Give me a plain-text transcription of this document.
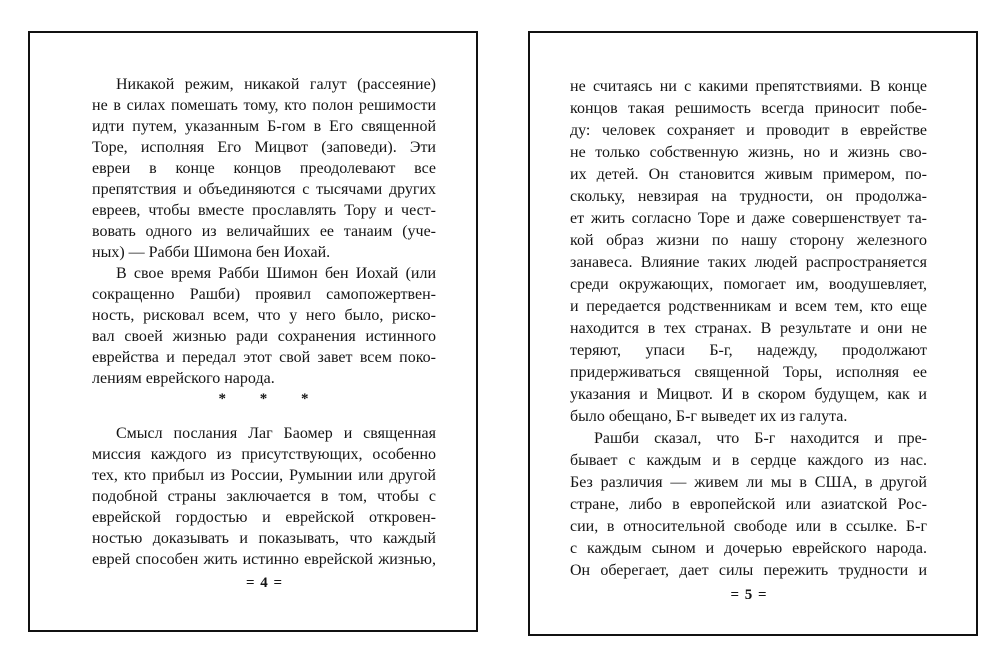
Никакой режим, никакой галут (рассеяние)
не в силах помешать тому, кто полон решимости
идти путем, указанным Б-гом в Его священной
Торе, исполняя Его Мицвот (заповеди). Эти
евреи в конце концов преодолевают все
препятствия и объединяются с тысячами других
евреев, чтобы вместе прославлять Тору и чест-
вовать одного из величайших ее танаим (уче-
ных) — Рабби Шимона бен Иохай.
В свое время Рабби Шимон бен Иохай (или
сокращенно Рашби) проявил самопожертвен-
ность, рисковал всем, что у него было, риско-
вал своей жизнью ради сохранения истинного
еврейства и передал этот свой завет всем поко-
лениям еврейского народа.
* * *
Смысл послания Лаг Баомер и священная
миссия каждого из присутствующих, особенно
тех, кто прибыл из России, Румынии или другой
подобной страны заключается в том, чтобы с
еврейской гордостью и еврейской откровен-
ностью доказывать и показывать, что каждый
еврей способен жить истинно еврейской жизнью,
= 4 =
не считаясь ни с какими препятствиями. В конце
концов такая решимость всегда приносит побе-
ду: человек сохраняет и проводит в еврействе
не только собственную жизнь, но и жизнь сво-
их детей. Он становится живым примером, по-
скольку, невзирая на трудности, он продолжа-
ет жить согласно Торе и даже совершенствует та-
кой образ жизни по нашу сторону железного
занавеса. Влияние таких людей распространяется
среди окружающих, помогает им, воодушевляет,
и передается родственникам и всем тем, кто еще
находится в тех странах. В результате и они не
теряют, упаси Б-г, надежду, продолжают
придерживаться священной Торы, исполняя ее
указания и Мицвот. И в скором будущем, как и
было обещано, Б-г выведет их из галута.
Рашби сказал, что Б-г находится и пре-
бывает с каждым и в сердце каждого из нас.
Без различия — живем ли мы в США, в другой
стране, либо в европейской или азиатской Рос-
сии, в относительной свободе или в ссылке. Б-г
с каждым сыном и дочерью еврейского народа.
Он оберегает, дает силы пережить трудности и
= 5 =
